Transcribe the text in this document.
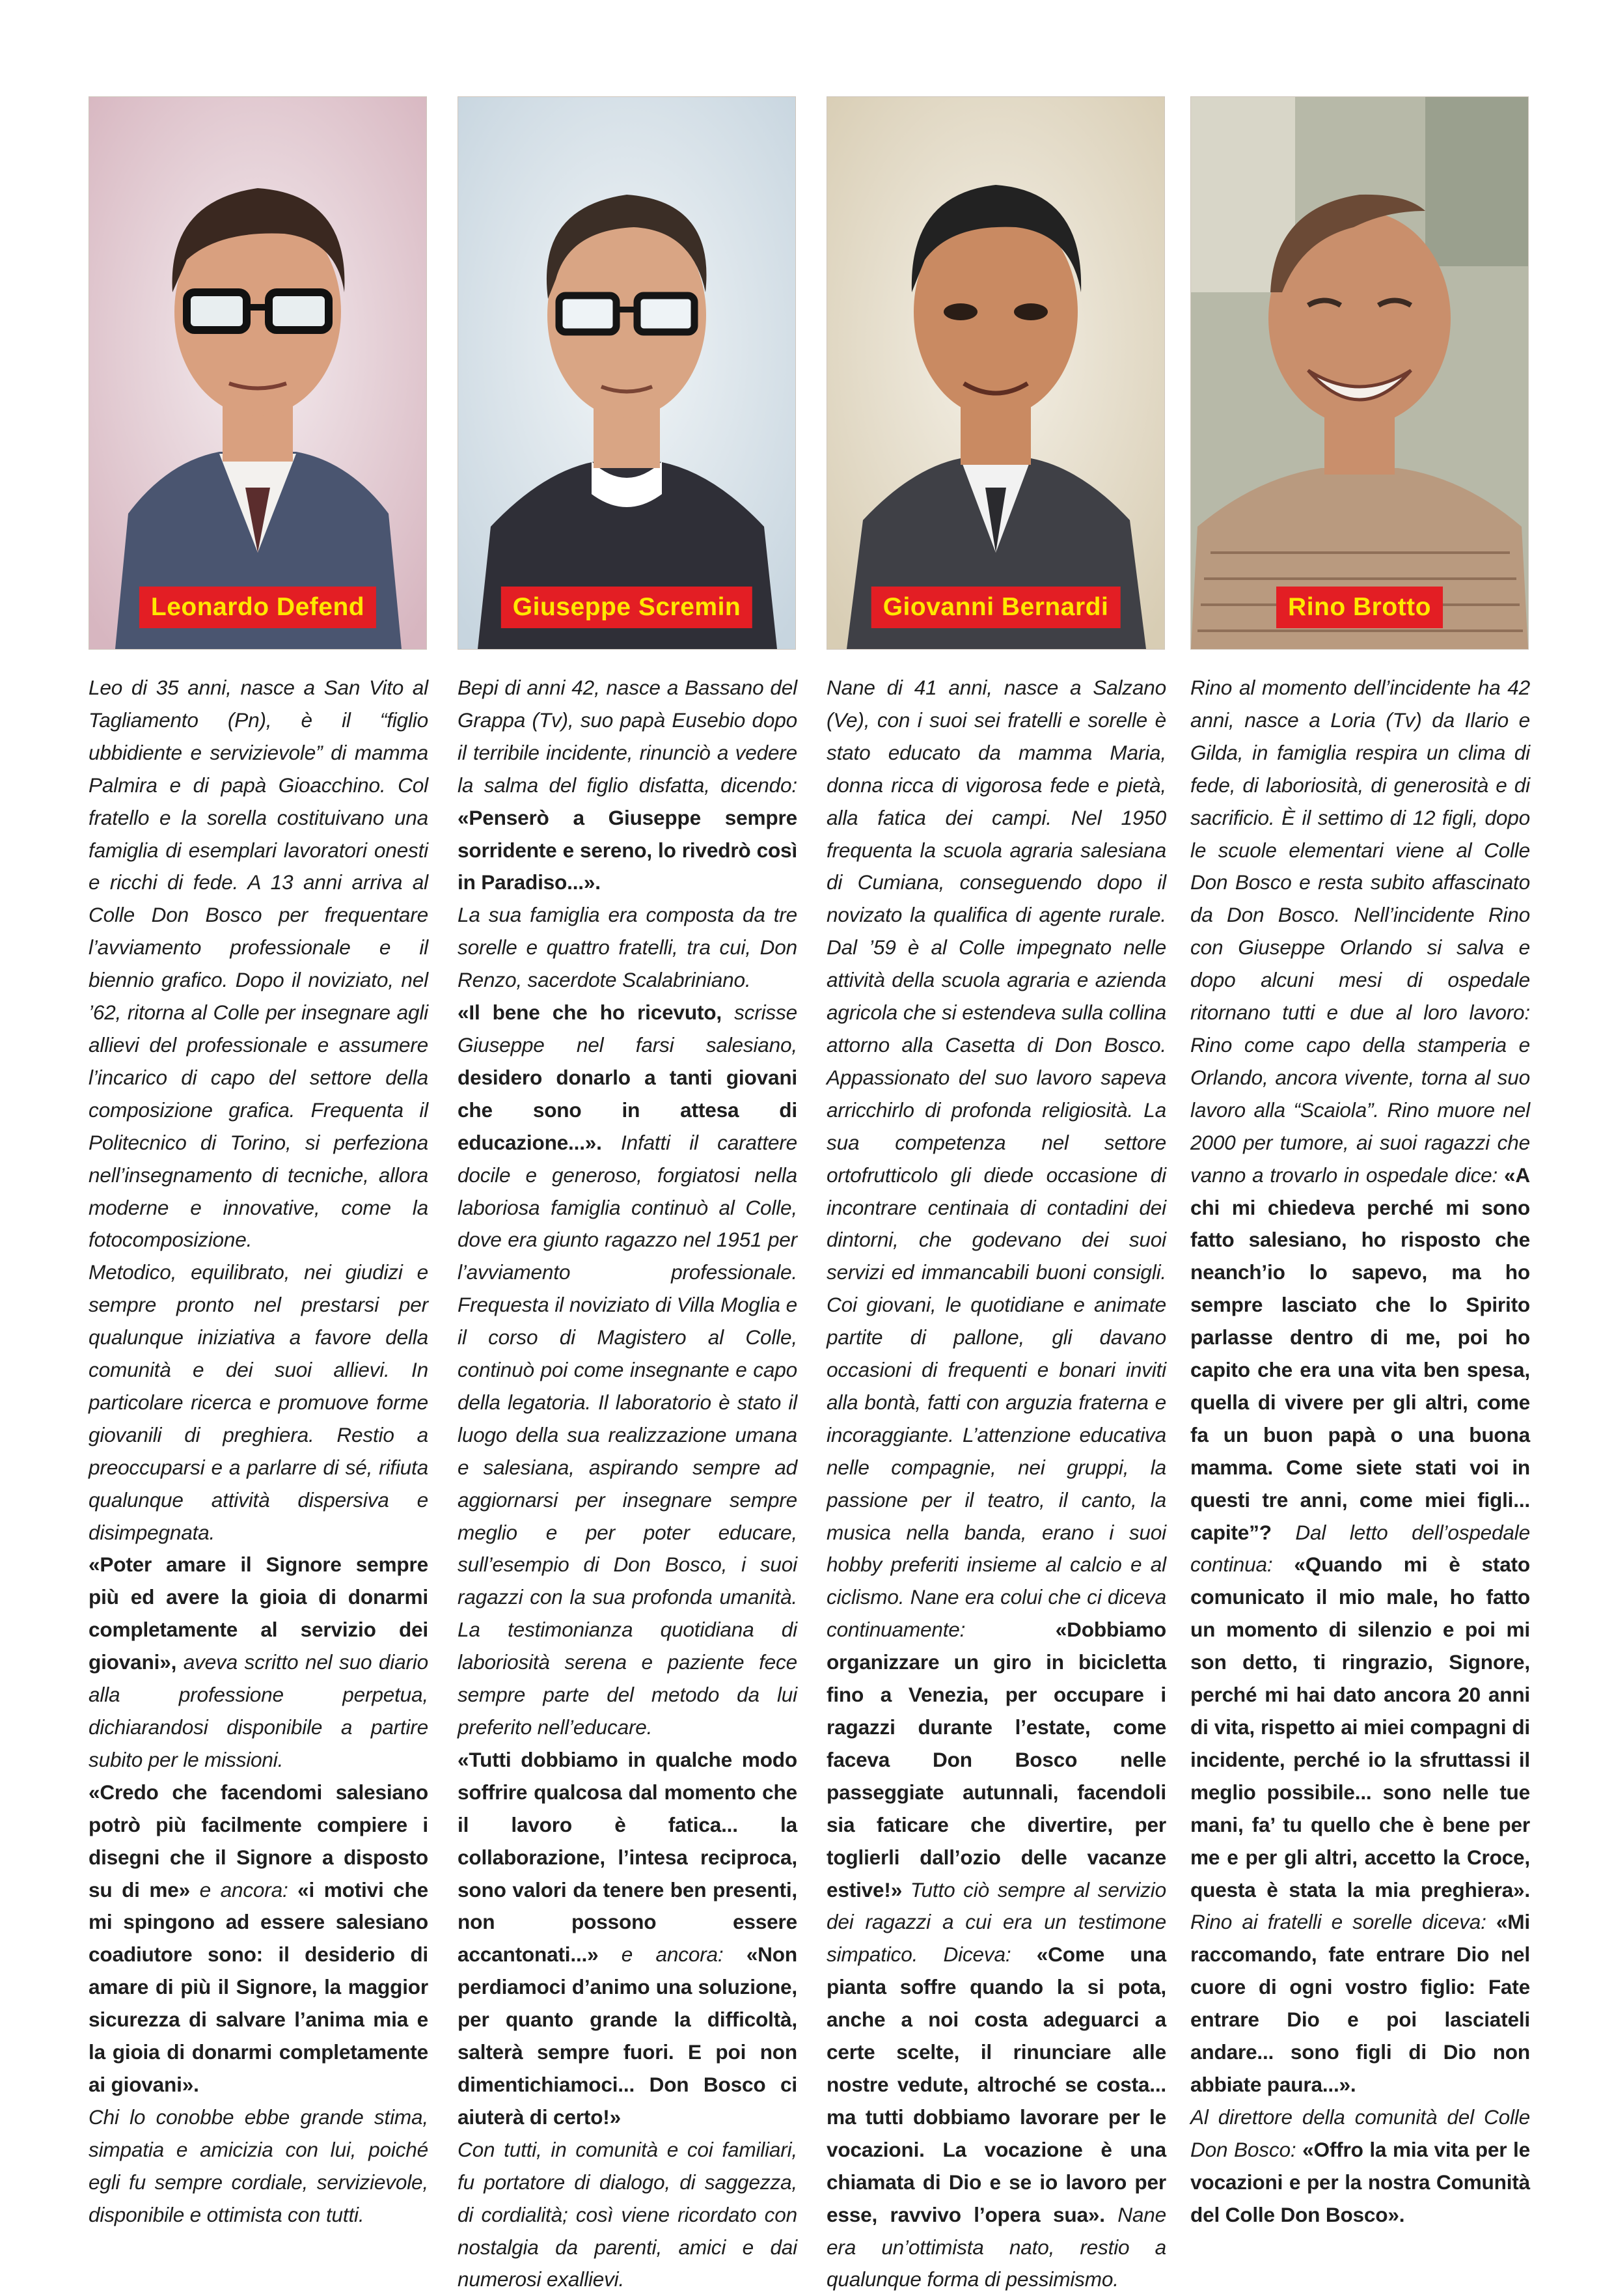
Leonardo Defend	Giuseppe Scremin	Giovanni Bernardi	Rino Brotto

Leo di 35 anni, nasce a San Vito al Tagliamento (Pn), è il “figlio ubbidiente e servizievole” di mamma Palmira e di papà Gioacchino. Col fratello e la sorella costituivano una famiglia di esemplari lavoratori onesti e ricchi di fede. A 13 anni arriva al Colle Don Bosco per frequentare l’avviamento professionale e il biennio grafico. Dopo il noviziato, nel ’62, ritorna al Colle per insegnare agli allievi del professionale e assumere l’incarico di capo del settore della composizione grafica. Frequenta il Politecnico di Torino, si perfeziona nell’insegnamento di tecniche, allora moderne e innovative, come la fotocomposizione.

Metodico, equilibrato, nei giudizi e sempre pronto nel prestarsi per qualunque iniziativa a favore della comunità e dei suoi allievi. In particolare ricerca e promuove forme giovanili di preghiera. Restio a preoccuparsi e a parlarre di sé, rifiuta qualunque attività dispersiva e disimpegnata.

«Poter amare il Signore sempre più ed avere la gioia di donarmi completamente al servizio dei giovani», aveva scritto nel suo diario alla professione perpetua, dichiarandosi disponibile a partire subito per le missioni.

«Credo che facendomi salesiano potrò più facilmente compiere i disegni che il Signore a disposto su di me» e ancora: «i motivi che mi spingono ad essere salesiano coadiutore sono: il desiderio di amare di più il Signore, la maggior sicurezza di salvare l’anima mia e la gioia di donarmi completamente ai giovani».

Chi lo conobbe ebbe grande stima, simpatia e amicizia con lui, poiché egli fu sempre cordiale, servizievole, disponibile e ottimista con tutti.

Bepi di anni 42, nasce a Bassano del Grappa (Tv), suo papà Eusebio dopo il terribile incidente, rinunciò a vedere la salma del figlio disfatta, dicendo: «Penserò a Giuseppe sempre sorridente e sereno, lo rivedrò così in Paradiso...».

La sua famiglia era composta da tre sorelle e quattro fratelli, tra cui, Don Renzo, sacerdote Scalabriniano.

«Il bene che ho ricevuto, scrisse Giuseppe nel farsi salesiano, desidero donarlo a tanti giovani che sono in attesa di educazione...». Infatti il carattere docile e generoso, forgiatosi nella laboriosa famiglia continuò al Colle, dove era giunto ragazzo nel 1951 per l’avviamento professionale. Frequesta il noviziato di Villa Moglia e il corso di Magistero al Colle, continuò poi come insegnante e capo della legatoria. Il laboratorio è stato il luogo della sua realizzazione umana e salesiana, aspirando sempre ad aggiornarsi per insegnare sempre meglio e per poter educare, sull’esempio di Don Bosco, i suoi ragazzi con la sua profonda umanità. La testimonianza quotidiana di laboriosità serena e paziente fece sempre parte del metodo da lui preferito nell’educare.

«Tutti dobbiamo in qualche modo soffrire qualcosa dal momento che il lavoro è fatica... la collaborazione, l’intesa reciproca, sono valori da tenere ben presenti, non possono essere accantonati...» e ancora: «Non perdiamoci d’animo una soluzione, per quanto grande la difficoltà, salterà sempre fuori. E poi non dimentichiamoci... Don Bosco ci aiuterà di certo!»

Con tutti, in comunità e coi familiari, fu portatore di dialogo, di saggezza, di cordialità; così viene ricordato con nostalgia da parenti, amici e dai numerosi exallievi.

Nane di 41 anni, nasce a Salzano (Ve), con i suoi sei fratelli e sorelle è stato educato da mamma Maria, donna ricca di vigorosa fede e pietà, alla fatica dei campi. Nel 1950 frequenta la scuola agraria salesiana di Cumiana, conseguendo dopo il novizato la qualifica di agente rurale. Dal ’59 è al Colle impegnato nelle attività della scuola agraria e azienda agricola che si estendeva sulla collina attorno alla Casetta di Don Bosco. Appassionato del suo lavoro sapeva arricchirlo di profonda religiosità. La sua competenza nel settore ortofrutticolo gli diede occasione di incontrare centinaia di contadini dei dintorni, che godevano dei suoi servizi ed immancabili buoni consigli. Coi giovani, le quotidiane e animate partite di pallone, gli davano occasioni di frequenti e bonari inviti alla bontà, fatti con arguzia fraterna e incoraggiante. L’attenzione educativa nelle compagnie, nei gruppi, la passione per il teatro, il canto, la musica nella banda, erano i suoi hobby preferiti insieme al calcio e al ciclismo. Nane era colui che ci diceva continuamente: «Dobbiamo organizzare un giro in bicicletta fino a Venezia, per occupare i ragazzi durante l’estate, come faceva Don Bosco nelle passeggiate autunnali, facendoli sia faticare che divertire, per toglierli dall’ozio delle vacanze estive!» Tutto ciò sempre al servizio dei ragazzi a cui era un testimone simpatico. Diceva: «Come una pianta soffre quando la si pota, anche a noi costa adeguarci a certe scelte, il rinunciare alle nostre vedute, altroché se costa... ma tutti dobbiamo lavorare per le vocazioni. La vocazione è una chiamata di Dio e se io lavoro per esse, ravvivo l’opera sua». Nane era un’ottimista nato, restio a qualunque forma di pessimismo.

Rino al momento dell’incidente ha 42 anni, nasce a Loria (Tv) da Ilario e Gilda, in famiglia respira un clima di fede, di laboriosità, di generosità e di sacrificio. È il settimo di 12 figli, dopo le scuole elementari viene al Colle Don Bosco e resta subito affascinato da Don Bosco. Nell’incidente Rino con Giuseppe Orlando si salva e dopo alcuni mesi di ospedale ritornano tutti e due al loro lavoro: Rino come capo della stamperia e Orlando, ancora vivente, torna al suo lavoro alla “Scaiola”. Rino muore nel 2000 per tumore, ai suoi ragazzi che vanno a trovarlo in ospedale dice: «A chi mi chiedeva perché mi sono fatto salesiano, ho risposto che neanch’io lo sapevo, ma ho sempre lasciato che lo Spirito parlasse dentro di me, poi ho capito che era una vita ben spesa, quella di vivere per gli altri, come fa un buon papà o una buona mamma. Come siete stati voi in questi tre anni, come miei figli... capite”? Dal letto dell’ospedale continua: «Quando mi è stato comunicato il mio male, ho fatto un momento di silenzio e poi mi son detto, ti ringrazio, Signore, perché mi hai dato ancora 20 anni di vita, rispetto ai miei compagni di incidente, perché io la sfruttassi il meglio possibile... sono nelle tue mani, fa’ tu quello che è bene per me e per gli altri, accetto la Croce, questa è stata la mia preghiera». Rino ai fratelli e sorelle diceva: «Mi raccomando, fate entrare Dio nel cuore di ogni vostro figlio: Fate entrare Dio e poi lasciateli andare... sono figli di Dio non abbiate paura...».

Al direttore della comunità del Colle Don Bosco: «Offro la mia vita per le vocazioni e per la nostra Comunità del Colle Don Bosco».
